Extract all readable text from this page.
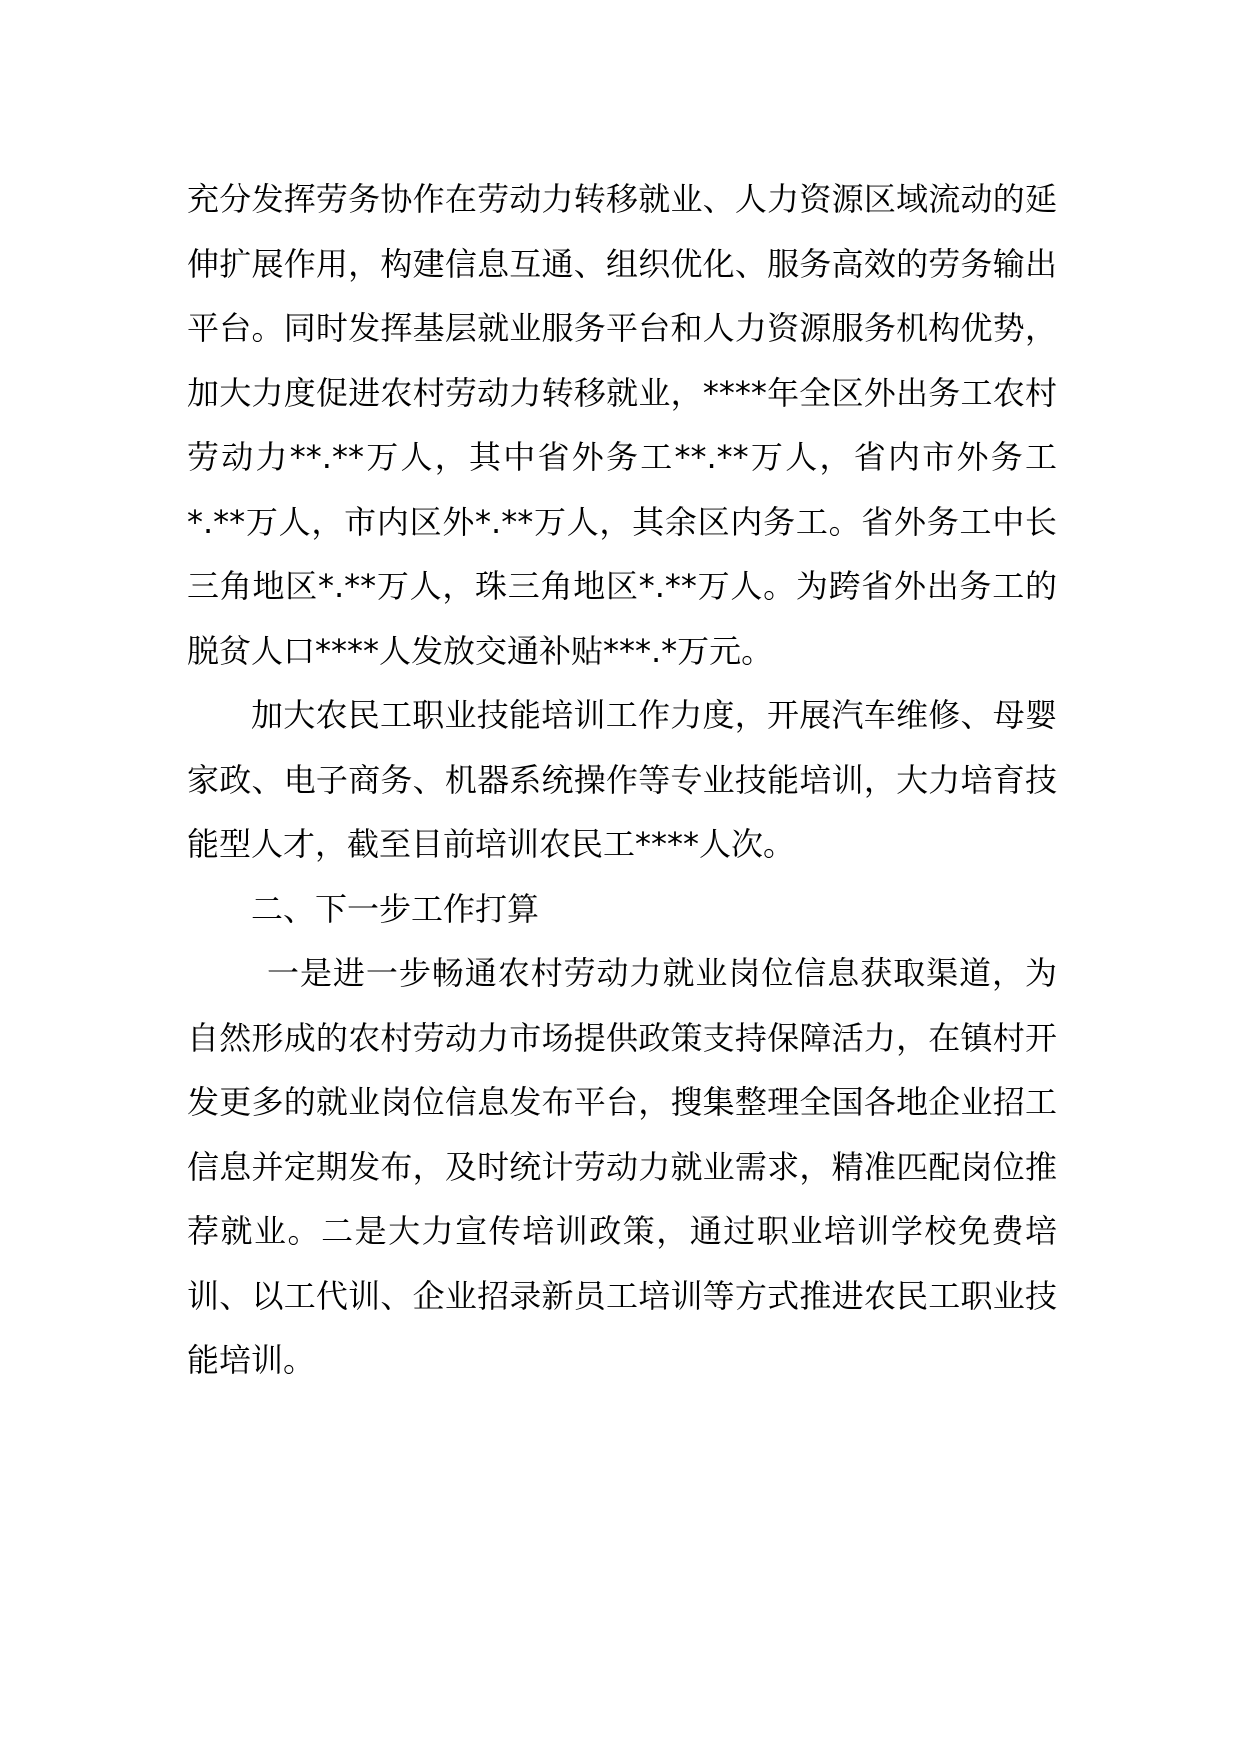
充分发挥劳务协作在劳动力转移就业、人力资源区域流动的延伸扩展作用，构建信息互通、组织优化、服务高效的劳务输出平台。同时发挥基层就业服务平台和人力资源服务机构优势，加大力度促进农村劳动力转移就业，****年全区外出务工农村劳动力**.**万人，其中省外务工**.**万人，省内市外务工*.**万人，市内区外*.**万人，其余区内务工。省外务工中长三角地区*.**万人，珠三角地区*.**万人。为跨省外出务工的脱贫人口****人发放交通补贴***.*万元。

加大农民工职业技能培训工作力度，开展汽车维修、母婴家政、电子商务、机器系统操作等专业技能培训，大力培育技能型人才，截至目前培训农民工****人次。

二、下一步工作打算

一是进一步畅通农村劳动力就业岗位信息获取渠道，为自然形成的农村劳动力市场提供政策支持保障活力，在镇村开发更多的就业岗位信息发布平台，搜集整理全国各地企业招工信息并定期发布，及时统计劳动力就业需求，精准匹配岗位推荐就业。二是大力宣传培训政策，通过职业培训学校免费培训、以工代训、企业招录新员工培训等方式推进农民工职业技能培训。
